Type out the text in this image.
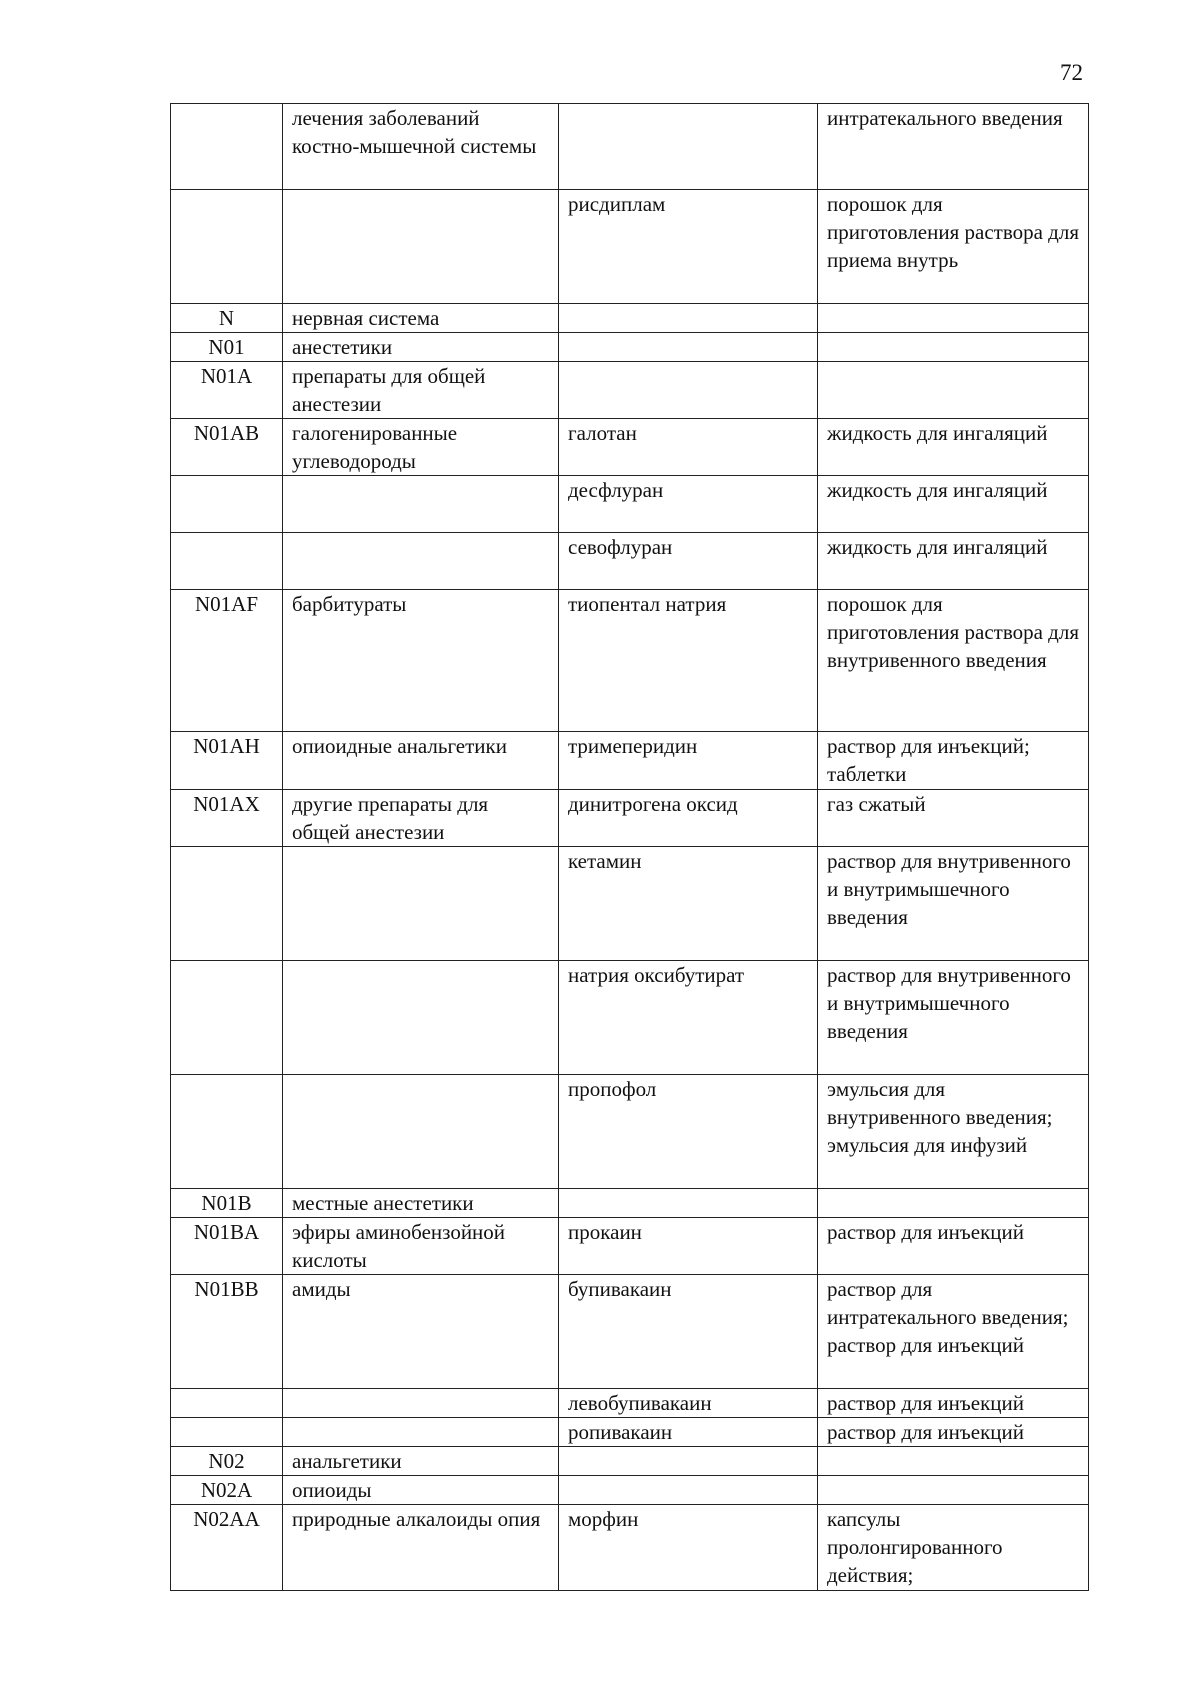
72
	лечения заболеваний костно-мышечной системы		интратекального введения
		рисдиплам	порошок для приготовления раствора для приема внутрь
N	нервная система		
N01	анестетики		
N01A	препараты для общей анестезии		
N01AB	галогенированные углеводороды	галотан	жидкость для ингаляций
		десфлуран	жидкость для ингаляций
		севофлуран	жидкость для ингаляций
N01AF	барбитураты	тиопентал натрия	порошок для приготовления раствора для внутривенного введения
N01AH	опиоидные анальгетики	тримеперидин	раствор для инъекций; таблетки
N01AX	другие препараты для общей анестезии	динитрогена оксид	газ сжатый
		кетамин	раствор для внутривенного и внутримышечного введения
		натрия оксибутират	раствор для внутривенного и внутримышечного введения
		пропофол	эмульсия для внутривенного введения; эмульсия для инфузий
N01B	местные анестетики		
N01BA	эфиры аминобензойной кислоты	прокаин	раствор для инъекций
N01BB	амиды	бупивакаин	раствор для интратекального введения; раствор для инъекций
		левобупивакаин	раствор для инъекций
		ропивакаин	раствор для инъекций
N02	анальгетики		
N02A	опиоиды		
N02AA	природные алкалоиды опия	морфин	капсулы пролонгированного действия;
